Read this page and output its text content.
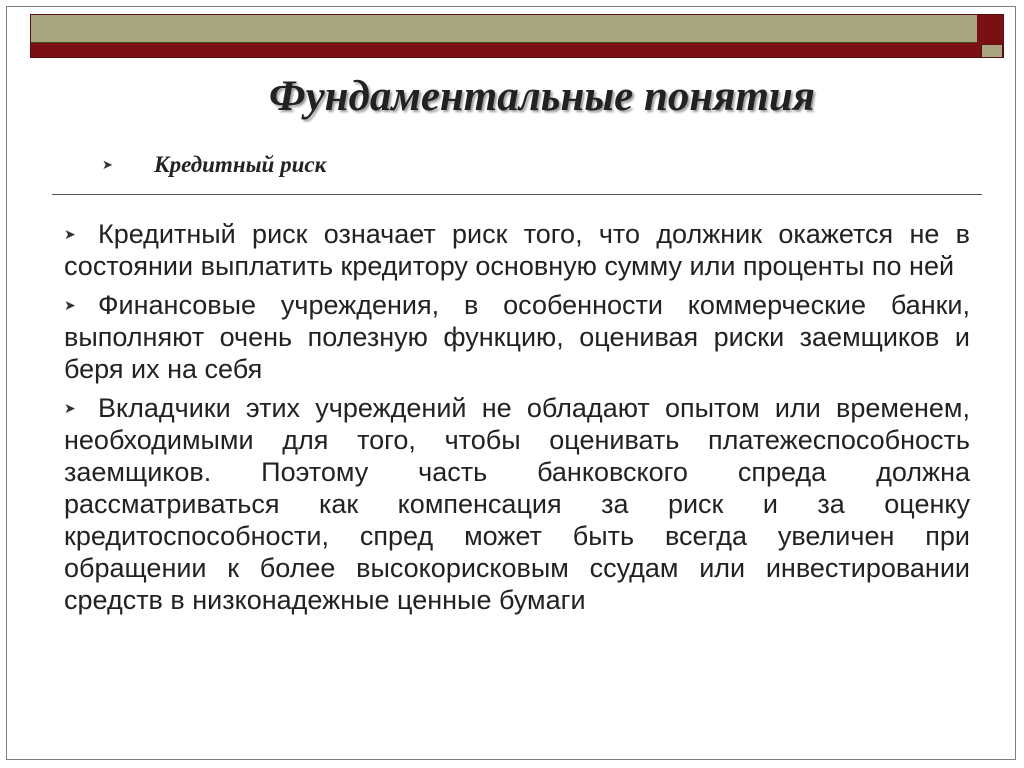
Фундаментальные понятия
➤	Кредитный риск
➤ Кредитный риск означает риск того, что должник окажется не в состоянии выплатить кредитору основную сумму или проценты по ней
➤ Финансовые учреждения, в особенности коммерческие банки, выполняют очень полезную функцию, оценивая риски заемщиков и беря их на себя
➤ Вкладчики этих учреждений не обладают опытом или временем, необходимыми для того, чтобы оценивать платежеспособность заемщиков. Поэтому часть банковского спреда должна рассматриваться как компенсация за риск и за оценку кредитоспособности, спред может быть всегда увеличен при обращении к более высокорисковым ссудам или инвестировании средств в низконадежные ценные бумаги
